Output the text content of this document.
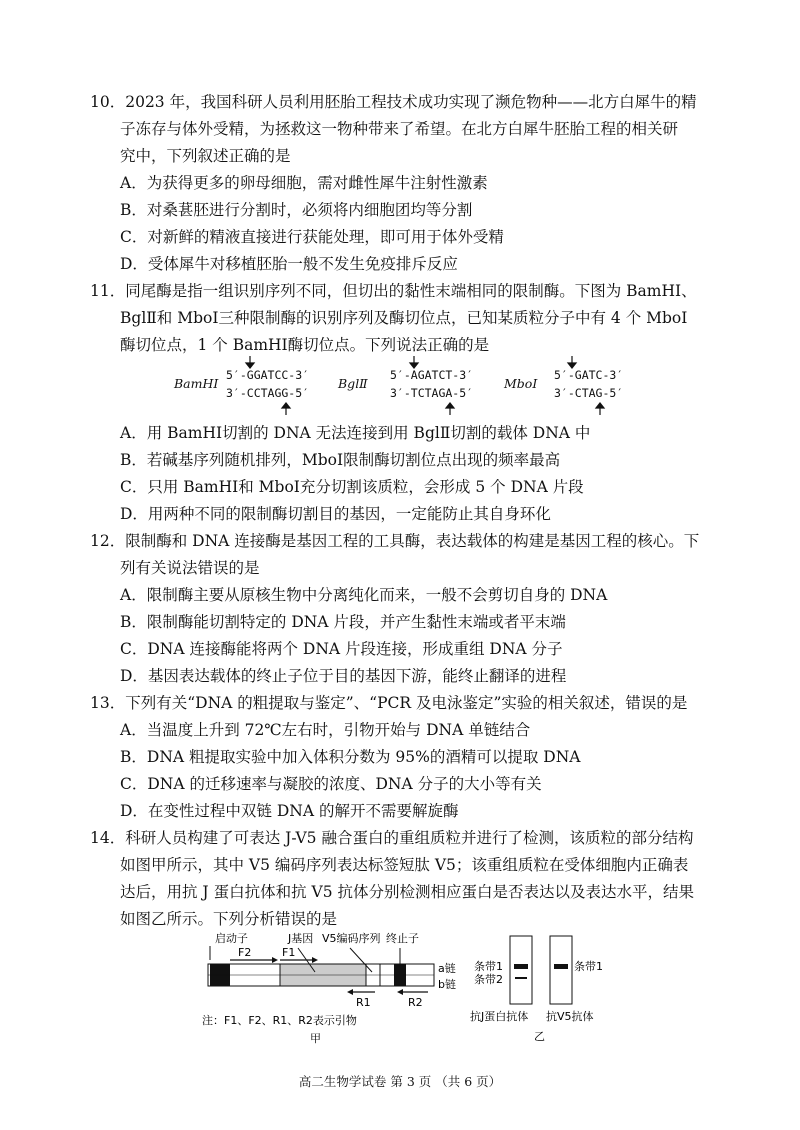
10．2023 年，我国科研人员利用胚胎工程技术成功实现了濒危物种——北方白犀牛的精
子冻存与体外受精，为拯救这一物种带来了希望。在北方白犀牛胚胎工程的相关研
究中，下列叙述正确的是
A．为获得更多的卵母细胞，需对雌性犀牛注射性激素
B．对桑葚胚进行分割时，必须将内细胞团均等分割
C．对新鲜的精液直接进行获能处理，即可用于体外受精
D．受体犀牛对移植胚胎一般不发生免疫排斥反应
11．同尾酶是指一组识别序列不同，但切出的黏性末端相同的限制酶。下图为 BamHⅠ、
BglⅡ和 MboⅠ三种限制酶的识别序列及酶切位点，已知某质粒分子中有 4 个 MboⅠ
酶切位点，1 个 BamHⅠ酶切位点。下列说法正确的是
BamHⅠ
5′-GGATCC-3′
3′-CCTAGG-5′
BglⅡ
5′-AGATCT-3′
3′-TCTAGA-5′
MboⅠ
5′-GATC-3′
3′-CTAG-5′
A．用 BamHⅠ切割的 DNA 无法连接到用 BglⅡ切割的载体 DNA 中
B．若碱基序列随机排列，MboⅠ限制酶切割位点出现的频率最高
C．只用 BamHⅠ和 MboⅠ充分切割该质粒，会形成 5 个 DNA 片段
D．用两种不同的限制酶切割目的基因，一定能防止其自身环化
12．限制酶和 DNA 连接酶是基因工程的工具酶，表达载体的构建是基因工程的核心。下
列有关说法错误的是
A．限制酶主要从原核生物中分离纯化而来，一般不会剪切自身的 DNA
B．限制酶能切割特定的 DNA 片段，并产生黏性末端或者平末端
C．DNA 连接酶能将两个 DNA 片段连接，形成重组 DNA 分子
D．基因表达载体的终止子位于目的基因下游，能终止翻译的进程
13．下列有关“DNA 的粗提取与鉴定”、“PCR 及电泳鉴定”实验的相关叙述，错误的是
A．当温度上升到 72℃左右时，引物开始与 DNA 单链结合
B．DNA 粗提取实验中加入体积分数为 95%的酒精可以提取 DNA
C．DNA 的迁移速率与凝胶的浓度、DNA 分子的大小等有关
D．在变性过程中双链 DNA 的解开不需要解旋酶
14．科研人员构建了可表达 J-V5 融合蛋白的重组质粒并进行了检测，该质粒的部分结构
如图甲所示，其中 V5 编码序列表达标签短肽 V5；该重组质粒在受体细胞内正确表
达后，用抗 J 蛋白抗体和抗 V5 抗体分别检测相应蛋白是否表达以及表达水平，结果
如图乙所示。下列分析错误的是
启动子	J基因 V5编码序列 终止子
F2	F1
a链
b链
R1	R2
注：F1、F2、R1、R2表示引物
甲
条带1
条带2
条带1
抗J蛋白抗体 抗V5抗体
乙
高二生物学试卷 第 3 页 （共 6 页）
